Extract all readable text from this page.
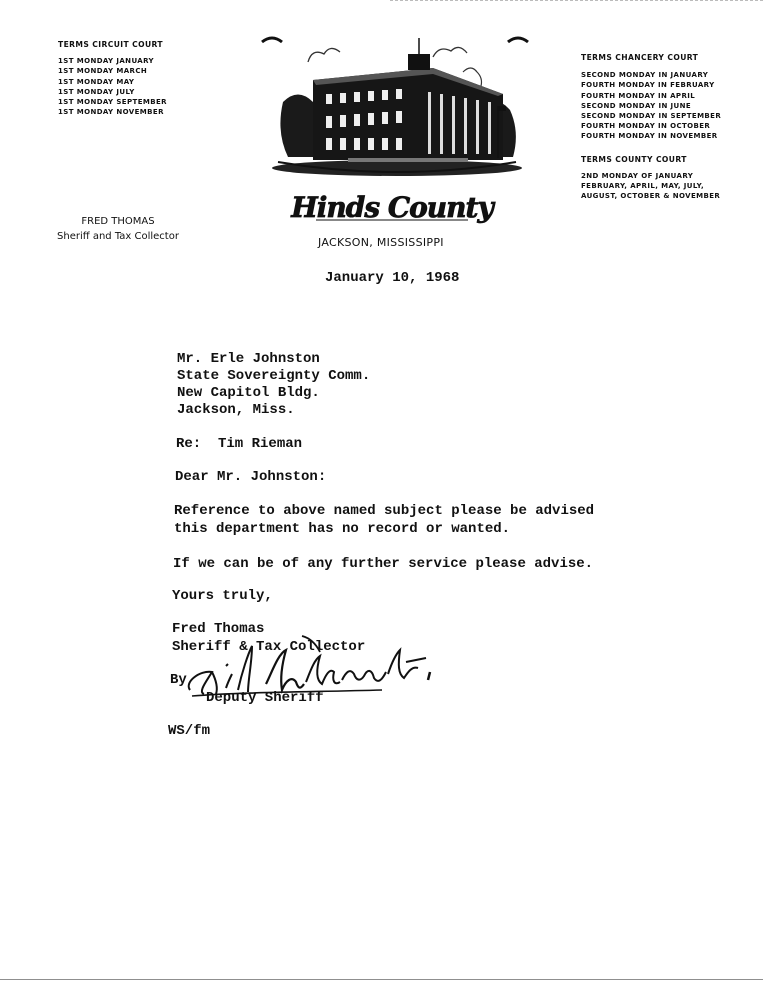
TERMS CIRCUIT COURT
1ST MONDAY JANUARY
1ST MONDAY MARCH
1ST MONDAY MAY
1ST MONDAY JULY
1ST MONDAY SEPTEMBER
1ST MONDAY NOVEMBER
TERMS CHANCERY COURT
SECOND MONDAY IN JANUARY
FOURTH MONDAY IN FEBRUARY
FOURTH MONDAY IN APRIL
SECOND MONDAY IN JUNE
SECOND MONDAY IN SEPTEMBER
FOURTH MONDAY IN OCTOBER
FOURTH MONDAY IN NOVEMBER
TERMS COUNTY COURT
2ND MONDAY OF JANUARY
FEBRUARY, APRIL, MAY, JULY,
AUGUST, OCTOBER & NOVEMBER
FRED THOMAS
Sheriff and Tax Collector
Hinds County
JACKSON, MISSISSIPPI
January 10, 1968
Mr. Erle Johnston
State Sovereignty Comm.
New Capitol Bldg.
Jackson, Miss.
Re:  Tim Rieman
Dear Mr. Johnston:
Reference to above named subject please be advised
this department has no record or wanted.
If we can be of any further service please advise.
Yours truly,
Fred Thomas
Sheriff & Tax Collector
By
Deputy Sheriff
WS/fm
